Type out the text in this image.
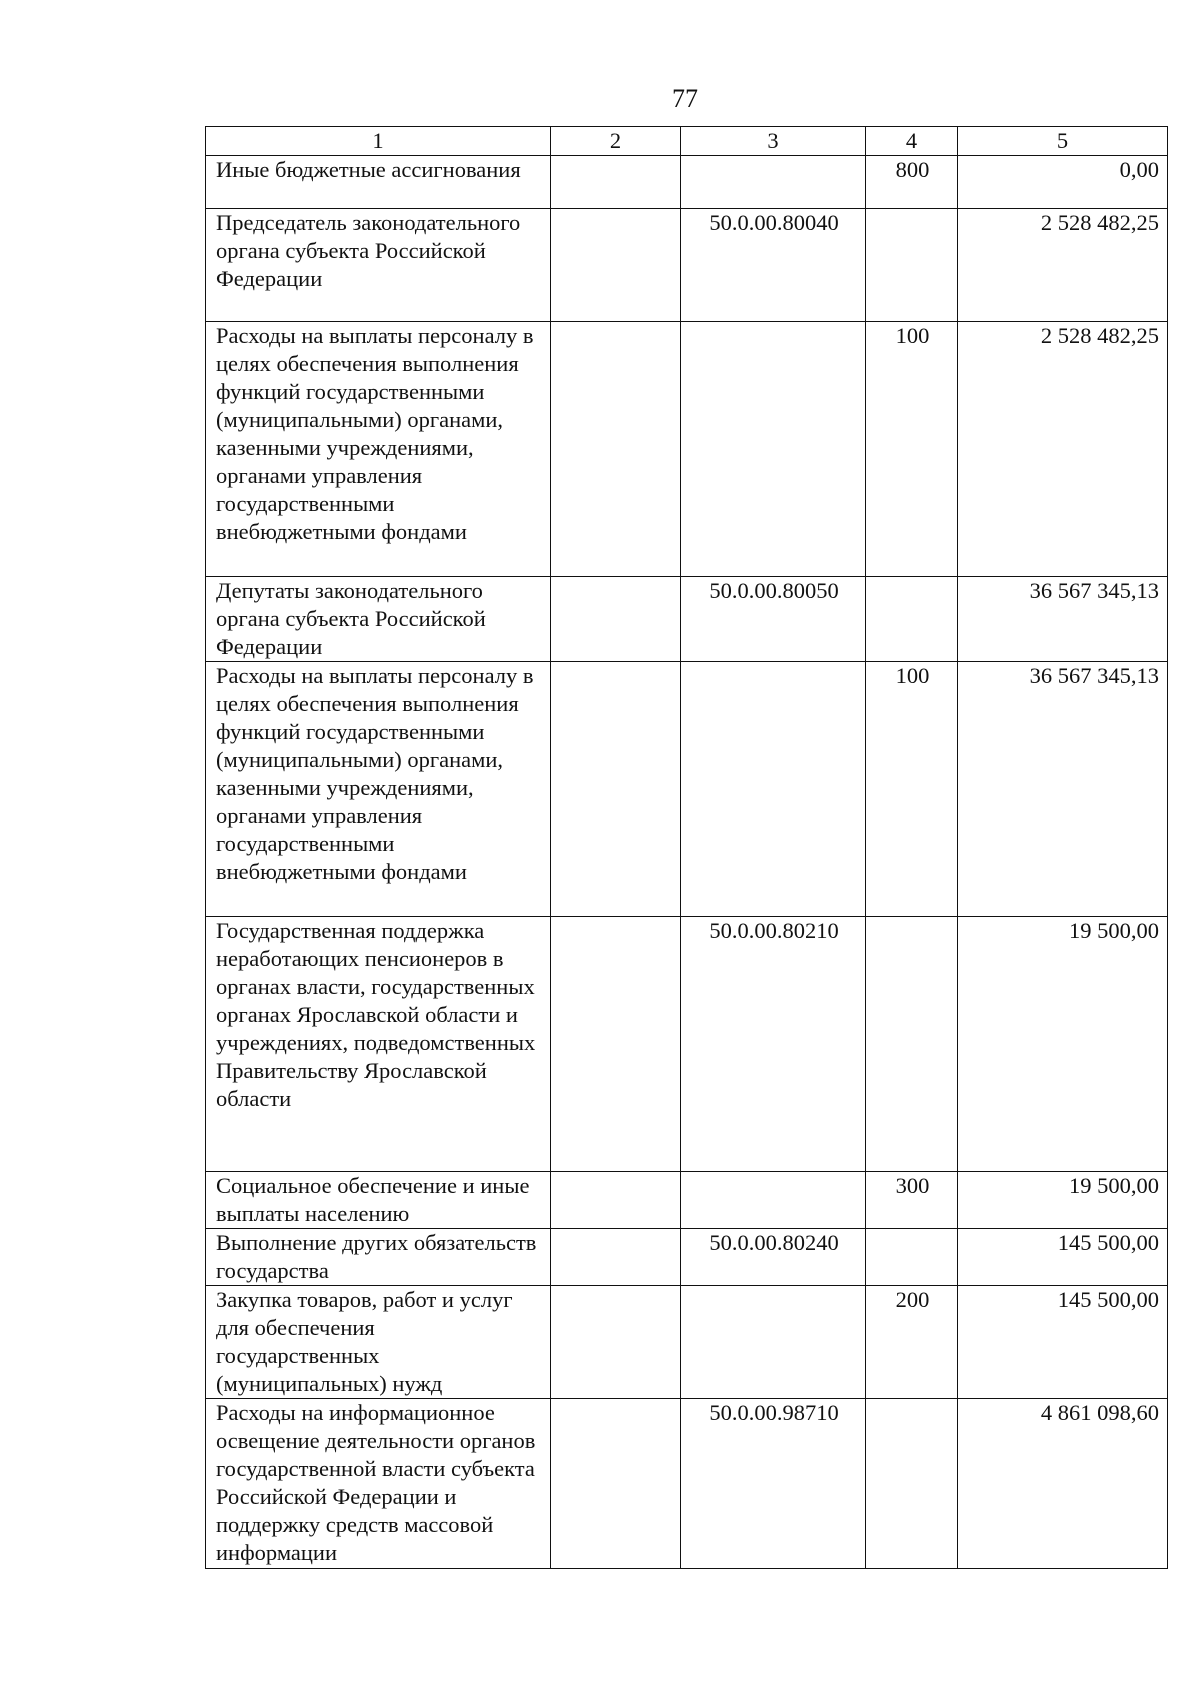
77
1	2	3	4	5
Иные бюджетные ассигнования			800	0,00
Председатель законодательного органа субъекта Российской Федерации		50.0.00.80040		2 528 482,25
Расходы на выплаты персоналу в целях обеспечения выполнения функций государственными (муниципальными) органами, казенными учреждениями, органами управления государственными внебюджетными фондами			100	2 528 482,25
Депутаты законодательного органа субъекта Российской Федерации		50.0.00.80050		36 567 345,13
Расходы на выплаты персоналу в целях обеспечения выполнения функций государственными (муниципальными) органами, казенными учреждениями, органами управления государственными внебюджетными фондами			100	36 567 345,13
Государственная поддержка неработающих пенсионеров в органах власти, государственных органах Ярославской области и учреждениях, подведомственных Правительству Ярославской области		50.0.00.80210		19 500,00
Социальное обеспечение и иные выплаты населению			300	19 500,00
Выполнение других обязательств государства		50.0.00.80240		145 500,00
Закупка товаров, работ и услуг для обеспечения государственных (муниципальных) нужд			200	145 500,00
Расходы на информационное освещение деятельности органов государственной власти субъекта Российской Федерации и поддержку средств массовой информации		50.0.00.98710		4 861 098,60
